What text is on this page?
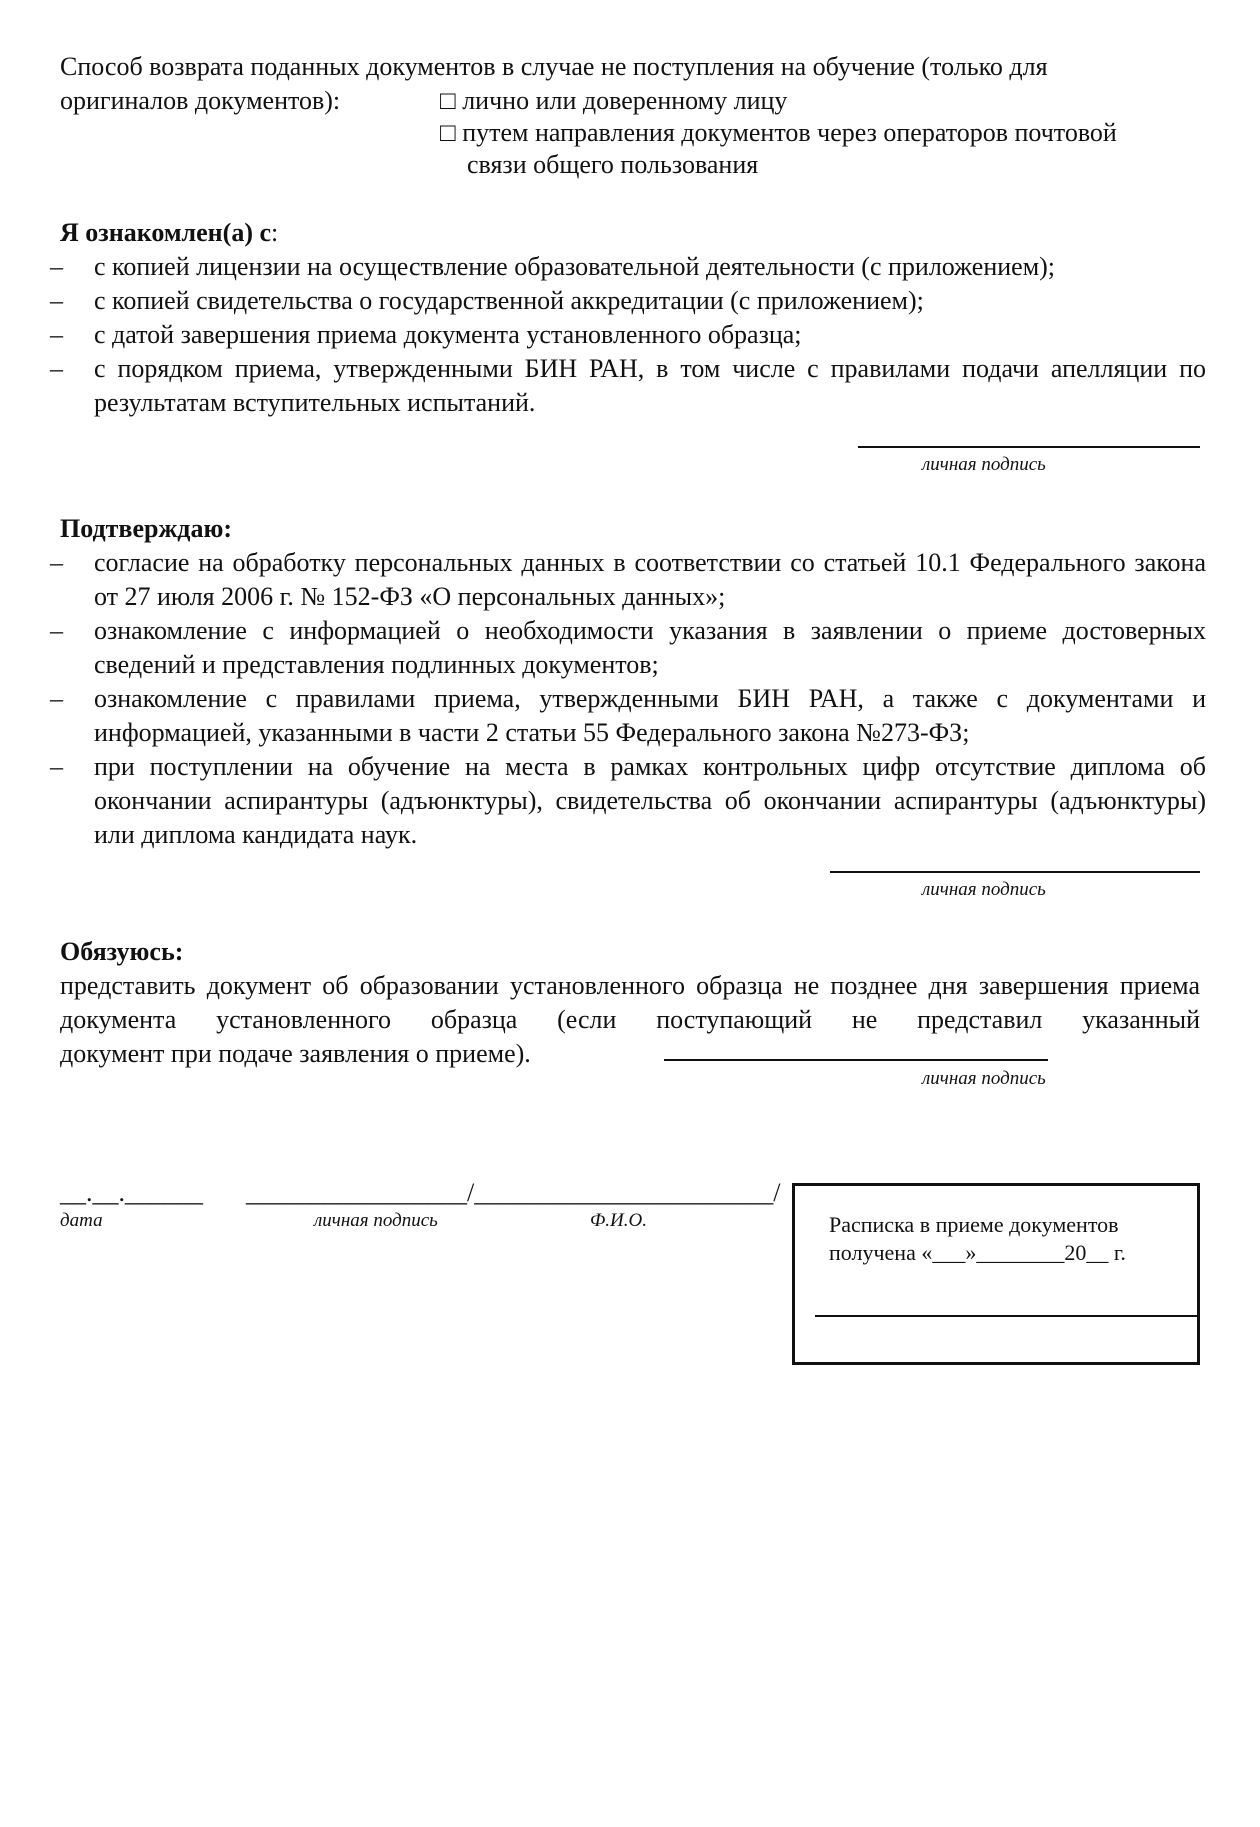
Способ возврата поданных документов в случае не поступления на обучение (только для
оригиналов документов):	□ лично или доверенному лицу
□ путем направления документов через операторов почтовой
связи общего пользования
Я ознакомлен(а) с:
– с копией лицензии на осуществление образовательной деятельности (с приложением);
– с копией свидетельства о государственной аккредитации (с приложением);
– с датой завершения приема документа установленного образца;
– с порядком приема, утвержденными БИН РАН, в том числе с правилами подачи апелляции по результатам вступительных испытаний.
личная подпись
Подтверждаю:
– согласие на обработку персональных данных в соответствии со статьей 10.1 Федерального закона от 27 июля 2006 г. № 152-ФЗ «О персональных данных»;
– ознакомление с информацией о необходимости указания в заявлении о приеме достоверных сведений и представления подлинных документов;
– ознакомление с правилами приема, утвержденными БИН РАН, а также с документами и информацией, указанными в части 2 статьи 55 Федерального закона №273-ФЗ;
– при поступлении на обучение на места в рамках контрольных цифр отсутствие диплома об окончании аспирантуры (адъюнктуры), свидетельства об окончании аспирантуры (адъюнктуры) или диплома кандидата наук.
личная подпись
Обязуюсь:
представить документ об образовании установленного образца не позднее дня завершения приема документа установленного образца (если поступающий не представил указанный
документ при подаче заявления о приеме).
личная подпись
__.__.______ _________________/_______________________/
дата	личная подпись	Ф.И.О.	Расписка в приеме документов
получена «___»________20__ г.
